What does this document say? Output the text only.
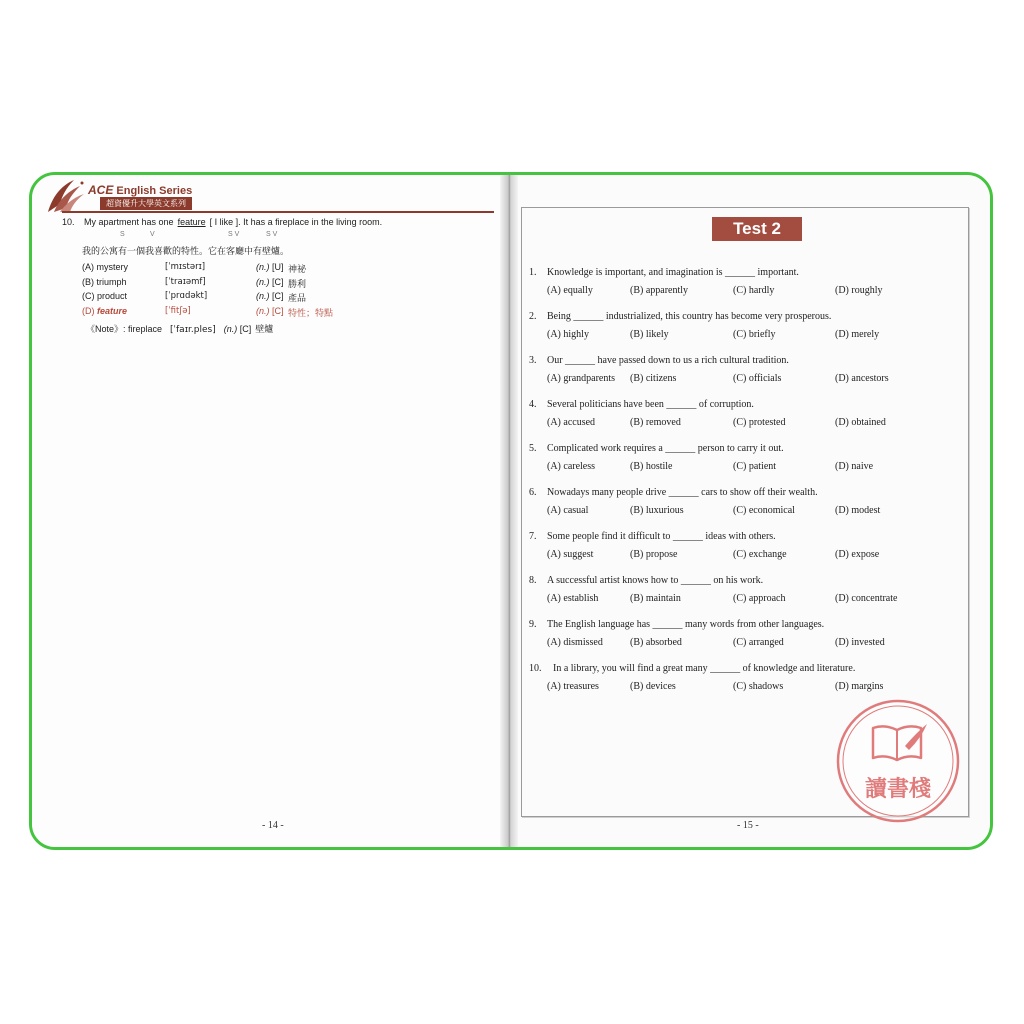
ACE English Series
超資優升大學英文系列
10. My apartment has one feature [ I like ]. It has a fireplace in the living room.
S	V	S V	S V
我的公寓有一個我喜歡的特性。它在客廳中有壁爐。
(A) mystery	[ˈmɪstərɪ]	(n.) [U] 神祕
(B) triumph	[ˈtraɪəmf]	(n.) [C] 勝利
(C) product	[ˈprɑdəkt]	(n.) [C] 產品
(D) feature	[ˈfitʃə]	(n.) [C] 特性；特點
《Note》: fireplace [ˈfaɪr.ples] (n.) [C] 壁爐
- 14 -
Test 2
1. Knowledge is important, and imagination is ______ important.
(A) equally	(B) apparently	(C) hardly	(D) roughly
2. Being ______ industrialized, this country has become very prosperous.
(A) highly	(B) likely	(C) briefly	(D) merely
3. Our ______ have passed down to us a rich cultural tradition.
(A) grandparents (B) citizens	(C) officials	(D) ancestors
4. Several politicians have been ______ of corruption.
(A) accused	(B) removed	(C) protested	(D) obtained
5. Complicated work requires a ______ person to carry it out.
(A) careless	(B) hostile	(C) patient	(D) naive
6. Nowadays many people drive ______ cars to show off their wealth.
(A) casual	(B) luxurious	(C) economical	(D) modest
7. Some people find it difficult to ______ ideas with others.
(A) suggest	(B) propose	(C) exchange	(D) expose
8. A successful artist knows how to ______ on his work.
(A) establish	(B) maintain	(C) approach	(D) concentrate
9. The English language has ______ many words from other languages.
(A) dismissed	(B) absorbed	(C) arranged	(D) invested
10. In a library, you will find a great many ______ of knowledge and literature.
(A) treasures	(B) devices	(C) shadows	(D) margins
讀書棧
- 15 -
